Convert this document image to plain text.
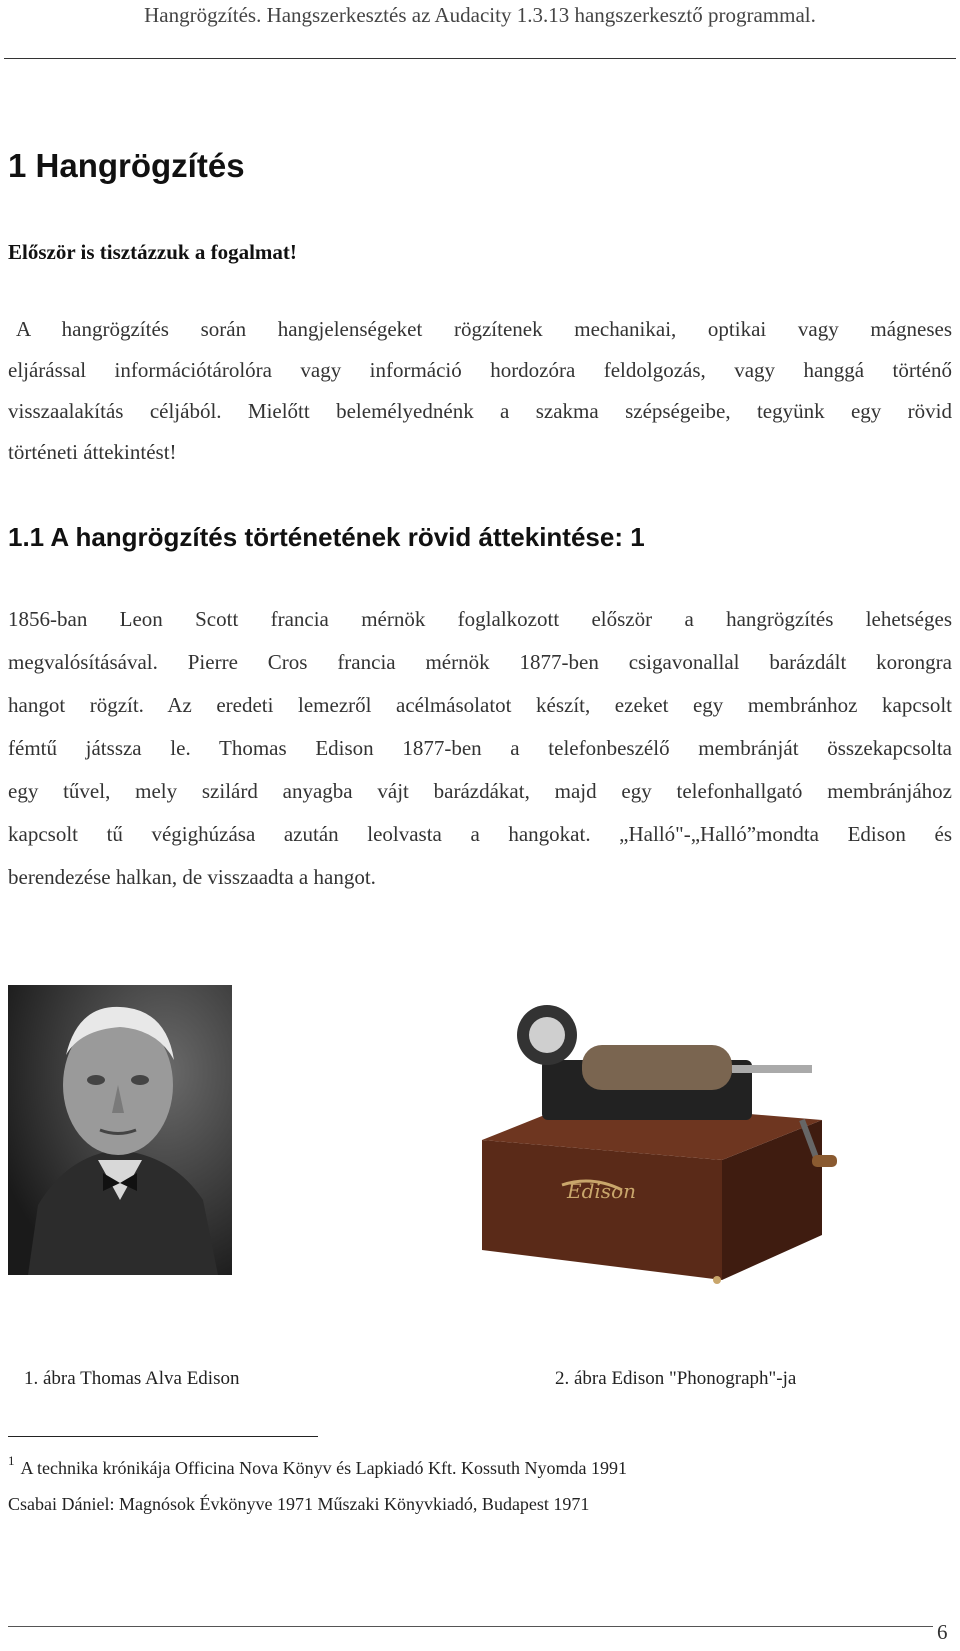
Hangrögzítés. Hangszerkesztés az Audacity 1.3.13 hangszerkesztő programmal.
1 Hangrögzítés
Először is tisztázzuk a fogalmat!
A hangrögzítés során hangjelenségeket rögzítenek mechanikai, optikai vagy mágneses
eljárással információtárolóra vagy információ hordozóra feldolgozás, vagy hanggá történő
visszaalakítás céljából. Mielőtt belemélyednénk a szakma szépségeibe, tegyünk egy rövid
történeti áttekintést!
1.1 A hangrögzítés történetének rövid áttekintése: 1
1856-ban Leon Scott francia mérnök foglalkozott először a hangrögzítés lehetséges
megvalósításával. Pierre Cros francia mérnök 1877-ben csigavonallal barázdált korongra
hangot rögzít. Az eredeti lemezről acélmásolatot készít, ezeket egy membránhoz kapcsolt
fémtű játssza le. Thomas Edison 1877-ben a telefonbeszélő membránját összekapcsolta
egy tűvel, mely szilárd anyagba vájt barázdákat, majd egy telefonhallgató membránjához
kapcsolt tű végighúzása azután leolvasta a hangokat. „Halló"-„Halló”mondta Edison és
berendezése halkan, de visszaadta a hangot.
Edison
1. ábra Thomas Alva Edison	2. ábra Edison "Phonograph"-ja
$^1$ A technika krónikája Officina Nova Könyv és Lapkiadó Kft. Kossuth Nyomda 1991
Csabai Dániel: Magnósok Évkönyve 1971 Műszaki Könyvkiadó, Budapest 1971
6
